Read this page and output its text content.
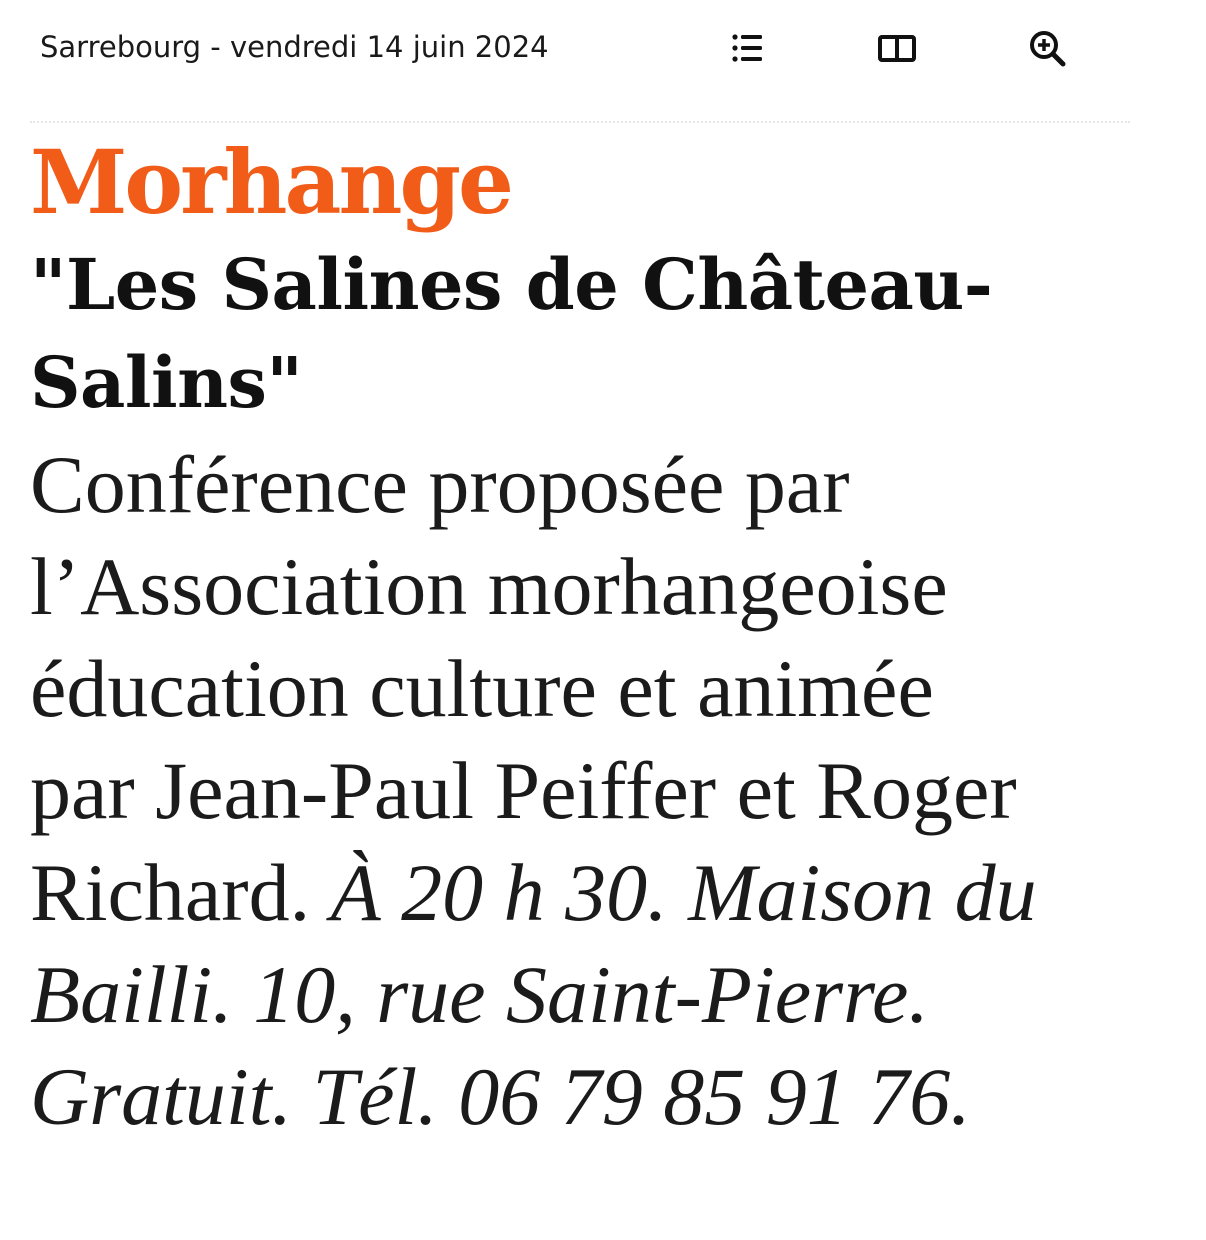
Sarrebourg - vendredi 14 juin 2024
Morhange
"Les Salines de Château-
Salins"
Conférence proposée par
l’Association morhangeoise
éducation culture et animée
par Jean-Paul Peiffer et Roger
Richard. À 20 h 30. Maison du
Bailli. 10, rue Saint-Pierre.
Gratuit. Tél. 06 79 85 91 76.
